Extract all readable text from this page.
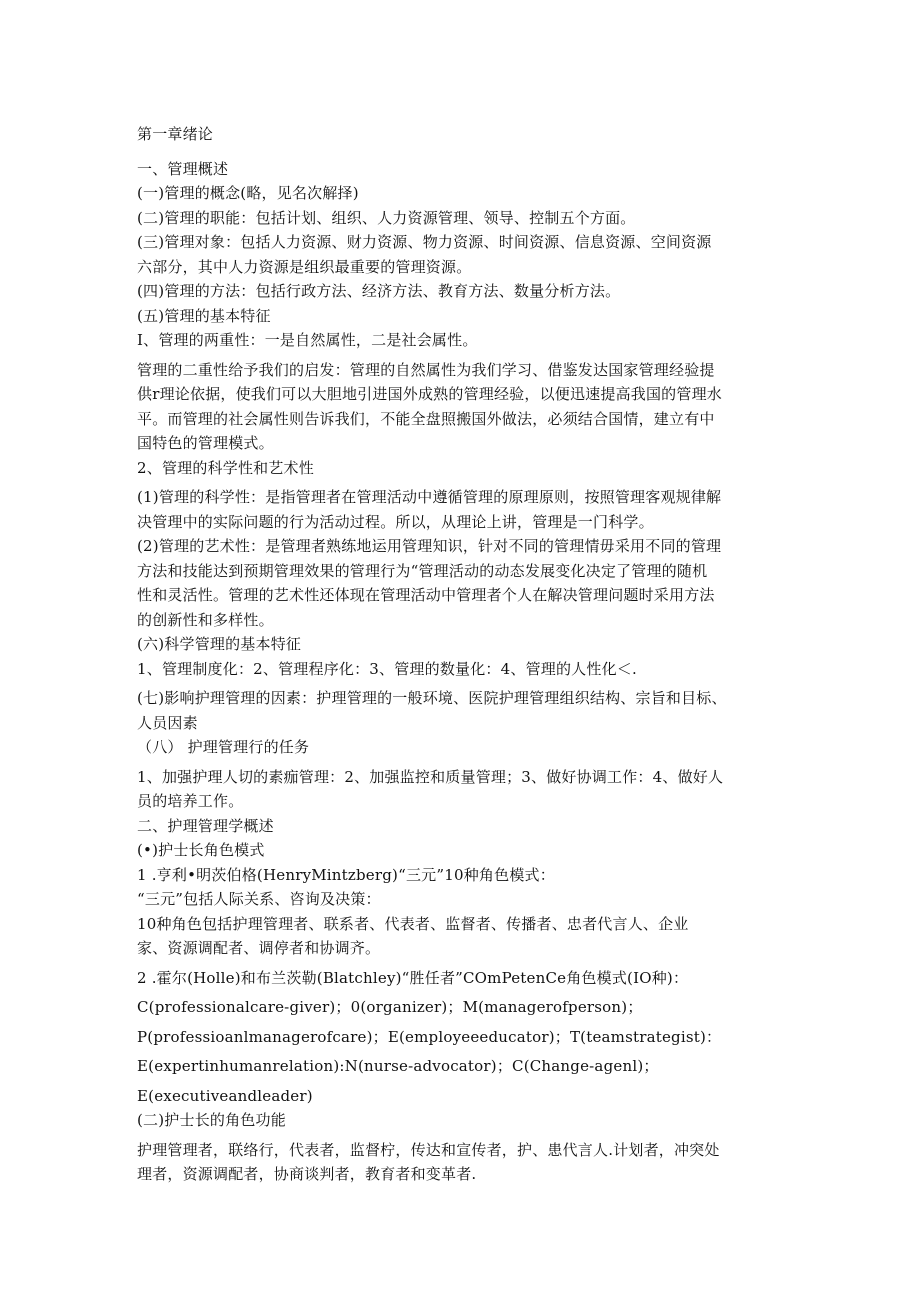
第一章绪论
一、管理概述
(一)管理的概念(略，见名次解择)
(二)管理的职能：包括计划、组织、人力资源管理、领导、控制五个方面。
(三)管理对象：包括人力资源、财力资源、物力资源、时间资源、信息资源、空间资源
六部分，其中人力资源是组织最重要的管理资源。
(四)管理的方法：包括行政方法、经济方法、教育方法、数量分析方法。
(五)管理的基本特征
I、管理的两重性：一是自然属性，二是社会属性。
管理的二重性给予我们的启发：管理的自然属性为我们学习、借鉴发达国家管理经验提
供r理论依据，使我们可以大胆地引进国外成熟的管理经验，以便迅速提高我国的管理水
平。而管理的社会属性则告诉我们，不能全盘照搬国外做法，必须结合国情，建立有中
国特色的管理模式。
2、管理的科学性和艺术性
(1)管理的科学性：是指管理者在管理活动中遵循管理的原理原则，按照管理客观规律解
决管理中的实际问题的行为活动过程。所以，从理论上讲，管理是一门科学。
(2)管理的艺术性：是管理者熟练地运用管理知识，针对不同的管理情毋采用不同的管理
方法和技能达到预期管理效果的管理行为“管理活动的动态发展变化决定了管理的随机
性和灵活性。管理的艺术性还体现在管理活动中管理者个人在解决管理问题时采用方法
的创新性和多样性。
(六)科学管理的基本特征
1、管理制度化：2、管理程序化：3、管理的数量化：4、管理的人性化＜.
(七)影响护理管理的因素：护理管理的一般环境、医院护理管理组织结构、宗旨和目标、
人员因素
（八） 护理管理行的任务
1、加强护理人切的素痂管理：2、加强监控和质量管理；3、做好协调工作：4、做好人
员的培养工作。
二、护理管理学概述
(•)护士长角色模式
1 .亨利•明茨伯格(HenryMintzberg)“三元”10种角色模式：
“三元”包括人际关系、咨询及决策：
10种角色包括护理管理者、联系者、代表者、监督者、传播者、忠者代言人、企业
家、资源调配者、调停者和协调齐。
2 .霍尔(Holle)和布兰茨勒(Blatchley)“胜任者”COmPetenCe角色模式(IO种)：
C(professionalcare-giver)；0(organizer)；M(managerofperson)；
P(professioanlmanagerofcare)；E(employeeeducator)；T(teamstrategist)：
E(expertinhumanrelation):N(nurse-advocator)；C(Change-agenl)；
E(executiveandleader)
(二)护士长的角色功能
护理管理者，联络行，代表者，监督柠，传达和宣传者，护、患代言人.计划者，冲突处
理者，资源调配者，协商谈判者，教育者和变革者.
